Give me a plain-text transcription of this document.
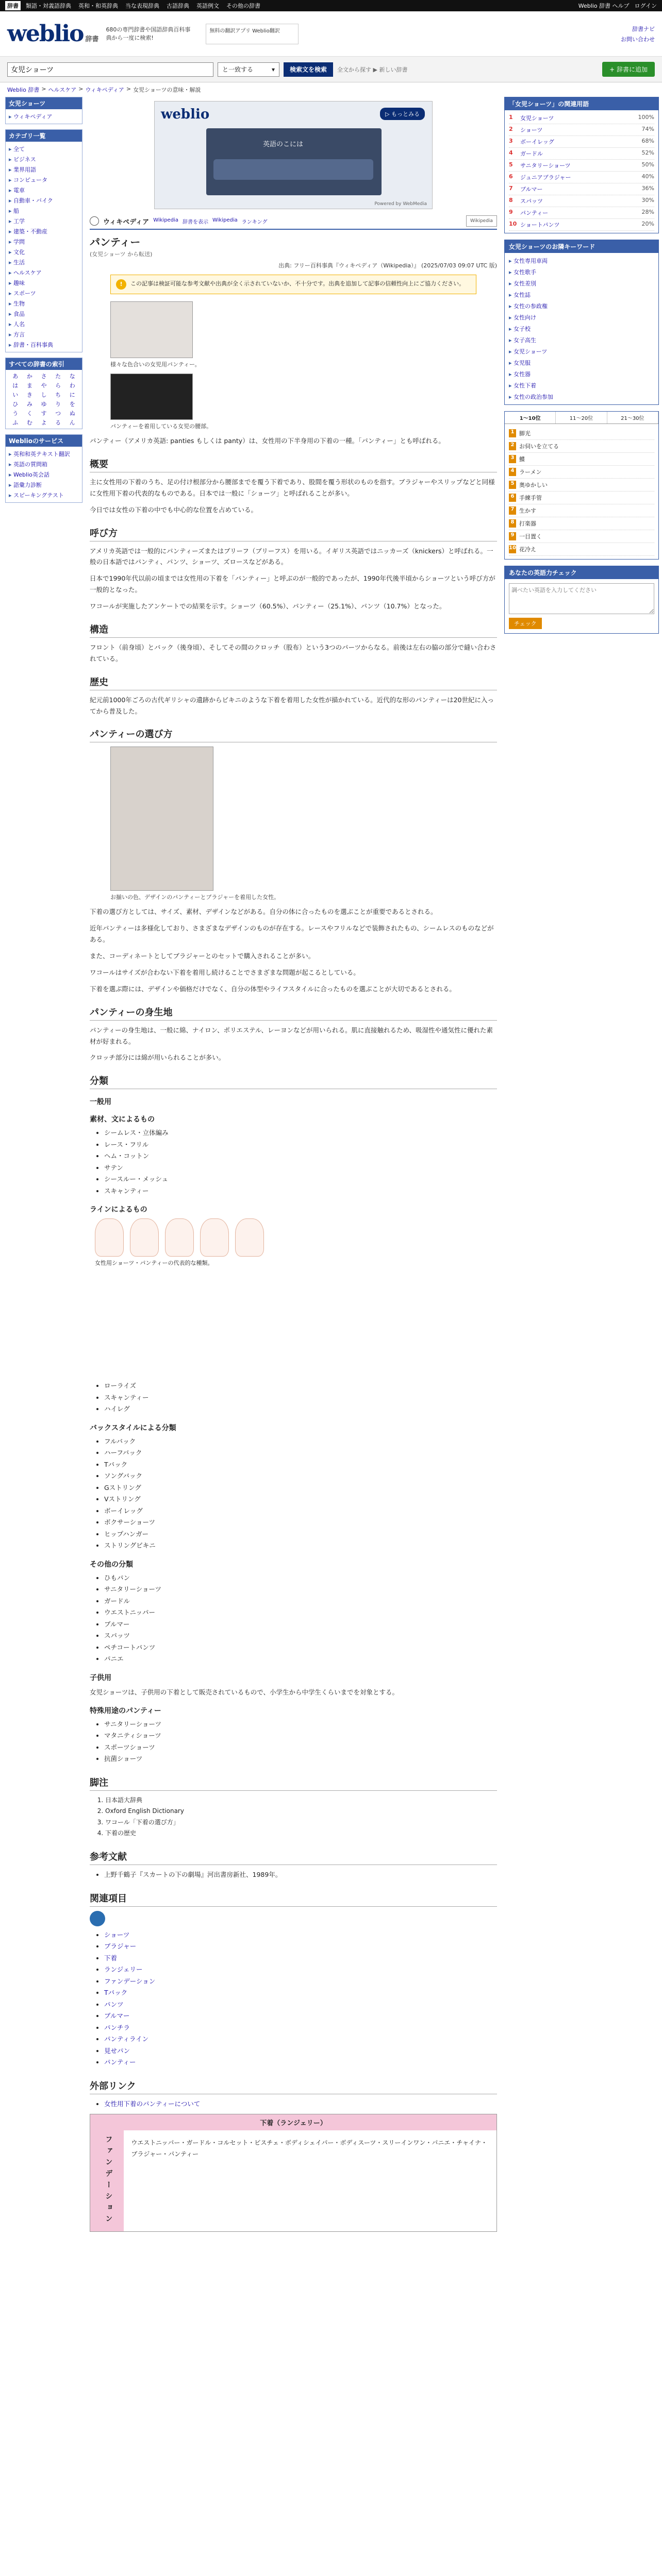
辞書	類語・対義語辞典	英和・和英辞典	当な表現辞典	古語辞典	英語例文	その他の辞書	Weblio 辞書 ヘルプ ログイン
weblio 辞書
680の専門辞書や国語辞典百科事典から一度に検索!
無料の翻訳アプリ Weblio翻訳	辞書ナビ
お問い合わせ
女児ショーツ
と一致する	▾	検索文を検索	全文から探す ▶ 新しい辞書	+ 辞書に追加
Weblio 辞書 > ヘルスケア > ウィキペディア > 女児ショーツの意味・解説
女児ショーツ
▸ ウィキペディア
カテゴリ一覧
▸ 全て
▸ ビジネス
▸ 業界用語
▸ コンピュータ
▸ 電車
▸ 自動車・バイク
▸ 船
▸ 工学
▸ 建築・不動産
▸ 学問
▸ 文化
▸ 生活
▸ ヘルスケア
▸ 趣味
▸ スポーツ
▸ 生物
▸ 食品
▸ 人名
▸ 方言
▸ 辞書・百科事典
すべての辞書の索引
あ	か	さ	た	な
は	ま	や	ら	わ
い	き	し	ち	に
ひ	み	ゆ	り	を
う	く	す	つ	ぬ
ふ	む	よ	る	ん
Weblioのサービス
▸ 英和和英テキスト翻訳
▸ 英語の質問箱
▸ Weblio英会話
▸ 語彙力診断
▸ スピーキングテスト
weblio	▷ もっとみる
英語のこには
Powered by WebMedia
ウィキペディア Wikipedia 辞書を表示 Wikipedia ランキング	Wikipedia
パンティー
(女児ショーツ から転送)
出典: フリー百科事典『ウィキペディア（Wikipedia）』 (2025/07/03 09:07 UTC 版)
!	この記事は検証可能な参考文献や出典が全く示されていないか、不十分です。出典を追加して記事の信頼性向上にご協力ください。
様々な色合いの女児用パンティー。
パンティーを着用している女児の腰部。

パンティー（アメリカ英語: panties もしくは panty）は、女性用の下半身用の下着の一種。「パンティー」とも呼ばれる。

概要

主に女性用の下着のうち、足の付け根部分から腰部までを覆う下着であり、股間を覆う形状のものを指す。ブラジャーやスリップなどと同様に女性用下着の代表的なものである。日本では一般に「ショーツ」と呼ばれることが多い。

今日では女性の下着の中でも中心的な位置を占めている。

呼び方

アメリカ英語では一般的にパンティーズまたはブリーフ（ブリーフス）を用いる。イギリス英語ではニッカーズ（knickers）と呼ばれる。一般の日本語ではパンティ、パンツ、ショーツ、ズロースなどがある。

日本で1990年代以前の頃までは女性用の下着を「パンティー」と呼ぶのが一般的であったが、1990年代後半頃からショーツという呼び方が一般的となった。

ワコールが実施したアンケートでの結果を示す。ショーツ（60.5%）、パンティー（25.1%）、パンツ（10.7%）となった。

構造

フロント（前身頃）とバック（後身頃）、そしてその間のクロッチ（股布）という3つのパーツからなる。前後は左右の脇の部分で縫い合わされている。

歴史

紀元前1000年ごろの古代ギリシャの遺跡からビキニのような下着を着用した女性が描かれている。近代的な形のパンティーは20世紀に入ってから普及した。

パンティーの選び方
お揃いの色、デザインのパンティーとブラジャーを着用した女性。

下着の選び方としては、サイズ、素材、デザインなどがある。自分の体に合ったものを選ぶことが重要であるとされる。

近年パンティーは多様化しており、さまざまなデザインのものが存在する。レースやフリルなどで装飾されたもの、シームレスのものなどがある。

また、コーディネートとしてブラジャーとのセットで購入されることが多い。

ワコールはサイズが合わない下着を着用し続けることでさまざまな問題が起こるとしている。

下着を選ぶ際には、デザインや価格だけでなく、自分の体型やライフスタイルに合ったものを選ぶことが大切であるとされる。

パンティーの身生地

パンティーの身生地は、一般に綿、ナイロン、ポリエステル、レーヨンなどが用いられる。肌に直接触れるため、吸湿性や通気性に優れた素材が好まれる。

クロッチ部分には綿が用いられることが多い。

分類
一般用
素材、文によるもの
• シームレス・立体編み
• レース・フリル
• ヘム・コットン
• サテン
• シースルー・メッシュ
• スキャンティー
ラインによるもの
女性用ショーツ・パンティーの代表的な種類。
• ローライズ
• スキャンティー
• ハイレグ
バックスタイルによる分類
• フルバック
• ハーフバック
• Tバック
• ソングバック
• Gストリング
• Vストリング
• ボーイレッグ
• ボクサーショーツ
• ヒップハンガー
• ストリングビキニ
その他の分類
• ひもパン
• サニタリーショーツ
• ガードル
• ウエストニッパー
• ブルマー
• スパッツ
• ペチコートパンツ
• パニエ
子供用

女児ショーツは、子供用の下着として販売されているもので、小学生から中学生くらいまでを対象とする。

特殊用途のパンティー
• サニタリーショーツ
• マタニティショーツ
• スポーツショーツ
• 抗菌ショーツ
脚注
1. 日本語大辞典
2. Oxford English Dictionary
3. ワコール「下着の選び方」
4. 下着の歴史
参考文献
• 上野千鶴子『スカートの下の劇場』河出書房新社、1989年。
関連項目
• ショーツ
• ブラジャー
• 下着
• ランジェリー
• ファンデーション
• Tバック
• パンツ
• ブルマー
• パンチラ
• パンティライン
• 見せパン
• パンティー
外部リンク
• 女性用下着のパンティーについて
下着（ランジェリー）
ファンデーション	ウエストニッパー・ガードル・コルセット・ビスチェ・ボディシェイパー・ボディスーツ・スリーインワン・パニエ・チャイナ・ブラジャー・パンティー
「女児ショーツ」の関連用語
1	女児ショーツ	100%
2	ショーツ	74%
3	ボーイレッグ	68%
4	ガードル	52%
5	サニタリーショーツ	50%
6	ジュニアブラジャー	40%
7	ブルマー	36%
8	スパッツ	30%
9	パンティー	28%
10 ショートパンツ	20%
女児ショーツのお隣キーワード
▸ 女性専用車両
▸ 女性歌手
▸ 女性差別
▸ 女性誌
▸ 女性の参政権
▸ 女性向け
▸ 女子校
▸ 女子高生
▸ 女児ショーツ
▸ 女児服
▸ 女性器
▸ 女性下着
▸ 女性の政治参加
1〜10位	11〜20位	21〜30位
1 脚光
2 お伺いを立てる
3 鰈
4 ラーメン
5 奥ゆかしい
6 手練手管
7 生かす
8 打楽器
9 一目置く
10 花冷え
あなたの英語力チェック
調べたい英語を入力してください チェック
